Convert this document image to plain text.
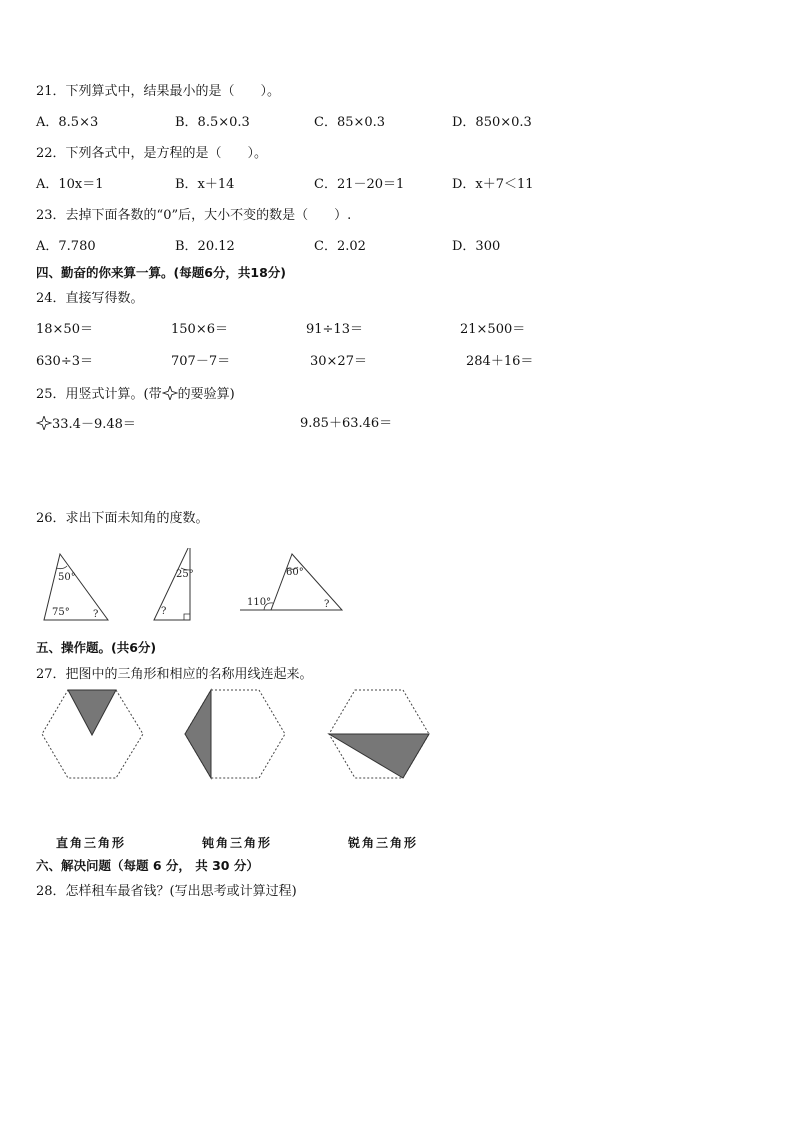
21．下列算式中，结果最小的是（　　）。
A．8.5×3	B．8.5×0.3	C．85×0.3	D．850×0.3
22．下列各式中，是方程的是（　　）。
A．10x＝1	B．x＋14	C．21－20＝1	D．x＋7＜11
23．去掉下面各数的“0”后，大小不变的数是（　　）.
A．7.780	B．20.12	C．2.02	D．300
四、勤奋的你来算一算。(每题6分，共18分)
24．直接写得数。
18×50＝	150×6＝	91÷13＝	21×500＝
630÷3＝	707－7＝	30×27＝	284＋16＝
25．用竖式计算。(带 的要验算)
33.4－9.48＝	9.85＋63.46＝
26．求出下面未知角的度数。
50°
75° ?
25°
?
60°
110°	?
五、操作题。(共6分)
27．把图中的三角形和相应的名称用线连起来。
直角三角形	钝角三角形	锐角三角形
六、解决问题（每题 6 分， 共 30 分）
28．怎样租车最省钱？(写出思考或计算过程)
